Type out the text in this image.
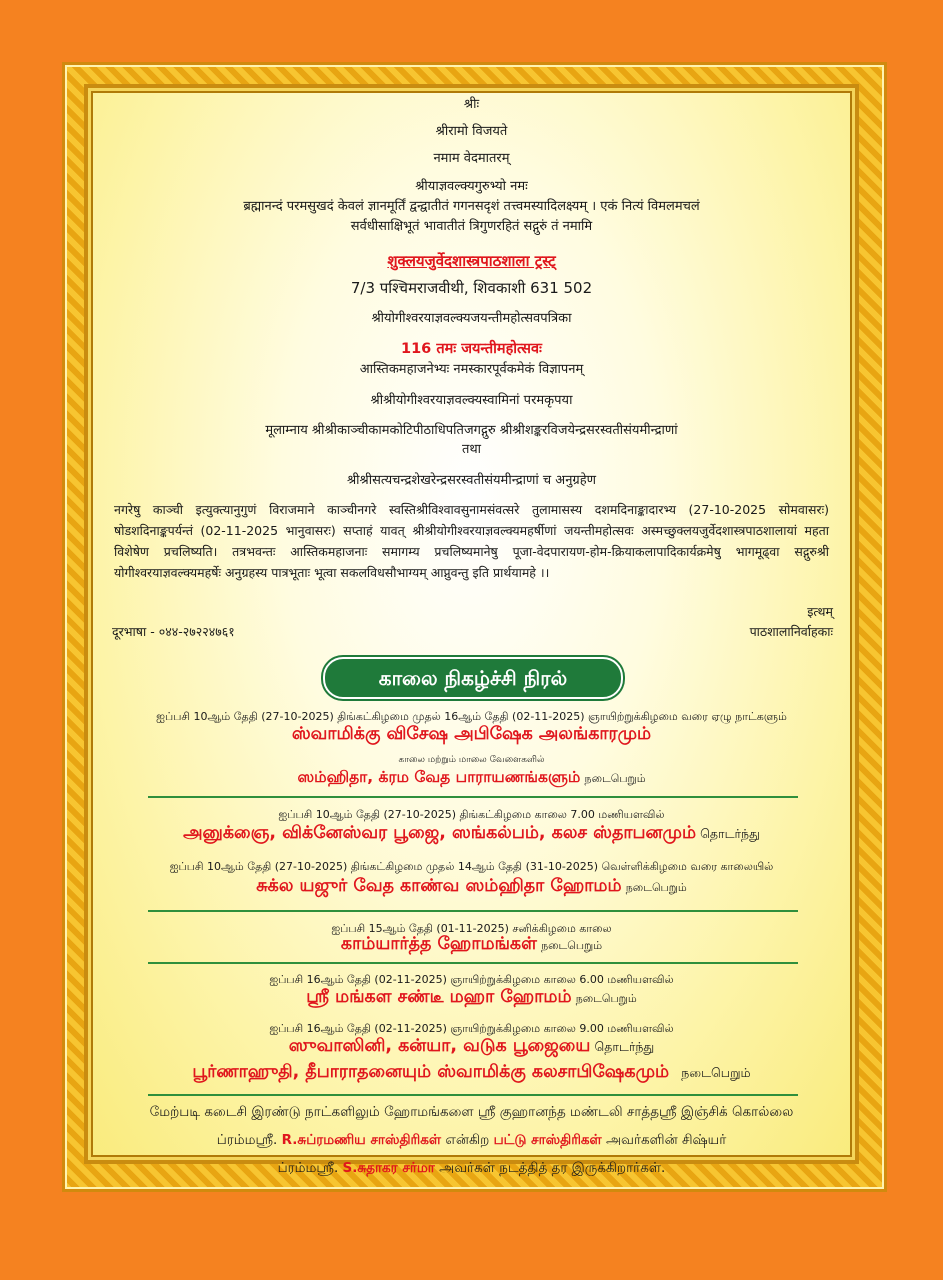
श्रीः
श्रीरामो विजयते
नमाम वेदमातरम्
श्रीयाज्ञवल्क्यगुरुभ्यो नमः
ब्रह्मानन्दं परमसुखदं केवलं ज्ञानमूर्तिं द्वन्द्वातीतं गगनसदृशं तत्त्वमस्यादिलक्ष्यम् । एकं नित्यं विमलमचलं
सर्वधीसाक्षिभूतं भावातीतं त्रिगुणरहितं सद्गुरुं तं नमामि
शुक्लयजुर्वेदशास्त्रपाठशाला ट्रस्ट्
7/3 पश्चिमराजवीथी, शिवकाशी 631 502
श्रीयोगीश्वरयाज्ञवल्क्यजयन्तीमहोत्सवपत्रिका
116 तमः जयन्तीमहोत्सवः
आस्तिकमहाजनेभ्यः नमस्कारपूर्वकमेकं विज्ञापनम्
श्रीश्रीयोगीश्वरयाज्ञवल्क्यस्वामिनां परमकृपया
मूलाम्नाय श्रीश्रीकाञ्चीकामकोटिपीठाधिपतिजगद्गुरु श्रीश्रीशङ्करविजयेन्द्रसरस्वतीसंयमीन्द्राणां
तथा
श्रीश्रीसत्यचन्द्रशेखरेन्द्रसरस्वतीसंयमीन्द्राणां च अनुग्रहेण
नगरेषु काञ्ची इत्युक्त्यानुगुणं विराजमाने काञ्चीनगरे स्वस्तिश्रीविश्वावसुनामसंवत्सरे तुलामासस्य दशमदिनाङ्कादारभ्य (27-10-2025 सोमवासरः) षोडशदिनाङ्कपर्यन्तं (02-11-2025 भानुवासरः) सप्ताहं यावत् श्रीश्रीयोगीश्वरयाज्ञवल्क्यमहर्षीणां जयन्तीमहोत्सवः अस्मच्छुक्लयजुर्वेदशास्त्रपाठशालायां महता विशेषेण प्रचलिष्यति। तत्रभवन्तः आस्तिकमहाजनाः समागम्य प्रचलिष्यमानेषु पूजा-वेदपारायण-होम-क्रियाकलापादिकार्यक्रमेषु भागमूढ्वा सद्गुरुश्री योगीश्वरयाज्ञवल्क्यमहर्षेः अनुग्रहस्य पात्रभूताः भूत्वा सकलविधसौभाग्यम् आप्नुवन्तु इति प्रार्थयामहे ।।
इत्थम्
दूरभाषा - ०४४-२७२२४७६१	पाठशालानिर्वाहकाः
காலை நிகழ்ச்சி நிரல்
ஐப்பசி 10ஆம் தேதி (27-10-2025) திங்கட்கிழமை முதல் 16ஆம் தேதி (02-11-2025) ஞாயிற்றுக்கிழமை வரை ஏழு நாட்களும்
ஸ்வாமிக்கு விசேஷ அபிஷேக அலங்காரமும்
காலை மற்றும் மாலை வேளைகளில்
ஸம்ஹிதா, க்ரம வேத பாராயணங்களும் நடைபெறும்
ஐப்பசி 10ஆம் தேதி (27-10-2025) திங்கட்கிழமை காலை 7.00 மணியளவில்
அனுக்ஞை, விக்னேஸ்வர பூஜை, ஸங்கல்பம், கலச ஸ்தாபனமும் தொடர்ந்து
ஐப்பசி 10ஆம் தேதி (27-10-2025) திங்கட்கிழமை முதல் 14ஆம் தேதி (31-10-2025) வெள்ளிக்கிழமை வரை காலையில்
சுக்ல யஜுர் வேத காண்வ ஸம்ஹிதா ஹோமம் நடைபெறும்
ஐப்பசி 15ஆம் தேதி (01-11-2025) சனிக்கிழமை காலை
காம்யார்த்த ஹோமங்கள் நடைபெறும்
ஐப்பசி 16ஆம் தேதி (02-11-2025) ஞாயிற்றுக்கிழமை காலை 6.00 மணியளவில்
ஸ்ரீ மங்கள சண்டீ மஹா ஹோமம் நடைபெறும்
ஐப்பசி 16ஆம் தேதி (02-11-2025) ஞாயிற்றுக்கிழமை காலை 9.00 மணியளவில்
ஸுவாஸினி, கன்யா, வடுக பூஜையை தொடர்ந்து
பூர்ணாஹுதி, தீபாராதனையும் ஸ்வாமிக்கு கலசாபிஷேகமும் நடைபெறும்
மேற்படி கடைசி இரண்டு நாட்களிலும் ஹோமங்களை ஸ்ரீ குஹானந்த மண்டலி சாத்தஸ்ரீ இஞ்சிக் கொல்லை
ப்ரம்மஸ்ரீ. R.சுப்ரமணிய சாஸ்திரிகள் என்கிற பட்டு சாஸ்திரிகள் அவர்களின் சிஷ்யர்
ப்ரம்மஸ்ரீ. S.சுதாகர சர்மா அவர்கள் நடத்தித் தர இருக்கிறார்கள்.
